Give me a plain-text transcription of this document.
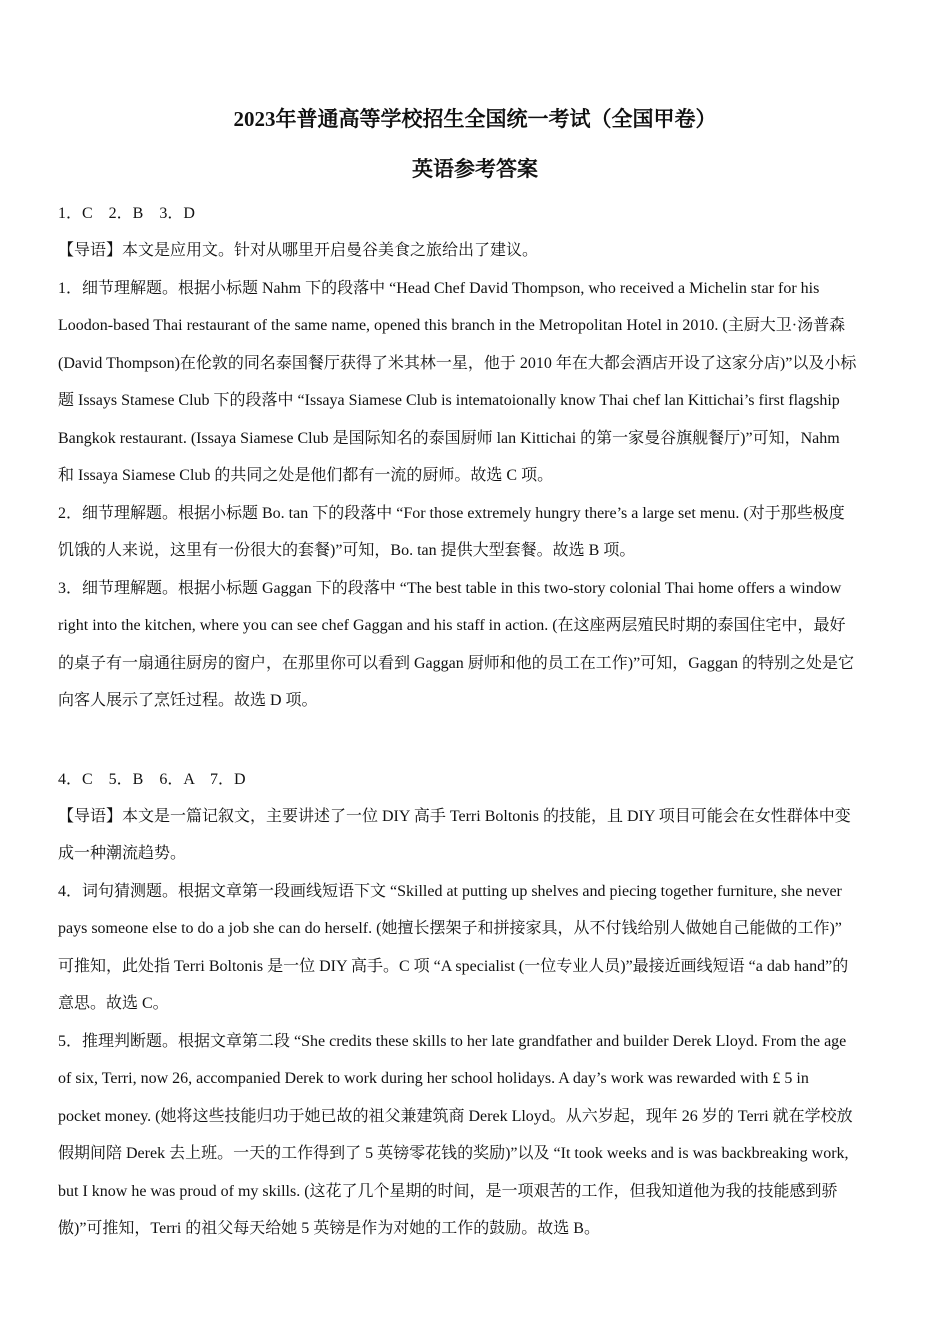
2023年普通高等学校招生全国统一考试（全国甲卷）
英语参考答案

1．C　2．B　3．D

【导语】本文是应用文。针对从哪里开启曼谷美食之旅给出了建议。

1．细节理解题。根据小标题 Nahm 下的段落中 “Head Chef David Thompson, who received a Michelin star for his

Loodon-based Thai restaurant of the same name, opened this branch in the Metropolitan Hotel in 2010. (主厨大卫·汤普森

(David Thompson)在伦敦的同名泰国餐厅获得了米其林一星，他于 2010 年在大都会酒店开设了这家分店)”以及小标

题 Issays Stamese Club 下的段落中 “Issaya Siamese Club is intematoionally know Thai chef lan Kittichai’s first flagship

Bangkok restaurant. (Issaya Siamese Club 是国际知名的泰国厨师 lan Kittichai 的第一家曼谷旗舰餐厅)”可知，Nahm

和 Issaya Siamese Club 的共同之处是他们都有一流的厨师。故选 C 项。

2．细节理解题。根据小标题 Bo. tan 下的段落中 “For those extremely hungry there’s a large set menu. (对于那些极度

饥饿的人来说，这里有一份很大的套餐)”可知，Bo. tan 提供大型套餐。故选 B 项。

3．细节理解题。根据小标题 Gaggan 下的段落中 “The best table in this two-story colonial Thai home offers a window

right into the kitchen, where you can see chef Gaggan and his staff in action. (在这座两层殖民时期的泰国住宅中，最好

的桌子有一扇通往厨房的窗户，在那里你可以看到 Gaggan 厨师和他的员工在工作)”可知，Gaggan 的特别之处是它

向客人展示了烹饪过程。故选 D 项。

4．C　5．B　6．A　7．D

【导语】本文是一篇记叙文，主要讲述了一位 DIY 高手 Terri Boltonis 的技能，且 DIY 项目可能会在女性群体中变

成一种潮流趋势。

4．词句猜测题。根据文章第一段画线短语下文 “Skilled at putting up shelves and piecing together furniture, she never

pays someone else to do a job she can do herself. (她擅长摆架子和拼接家具，从不付钱给别人做她自己能做的工作)”

可推知，此处指 Terri Boltonis 是一位 DIY 高手。C 项 “A specialist (一位专业人员)”最接近画线短语 “a dab hand”的

意思。故选 C。

5．推理判断题。根据文章第二段 “She credits these skills to her late grandfather and builder Derek Lloyd. From the age

of six, Terri, now 26, accompanied Derek to work during her school holidays. A day’s work was rewarded with £ 5 in

pocket money. (她将这些技能归功于她已故的祖父兼建筑商 Derek Lloyd。从六岁起，现年 26 岁的 Terri 就在学校放

假期间陪 Derek 去上班。一天的工作得到了 5 英镑零花钱的奖励)”以及 “It took weeks and is was backbreaking work,

but I know he was proud of my skills. (这花了几个星期的时间，是一项艰苦的工作，但我知道他为我的技能感到骄

傲)”可推知，Terri 的祖父每天给她 5 英镑是作为对她的工作的鼓励。故选 B。
